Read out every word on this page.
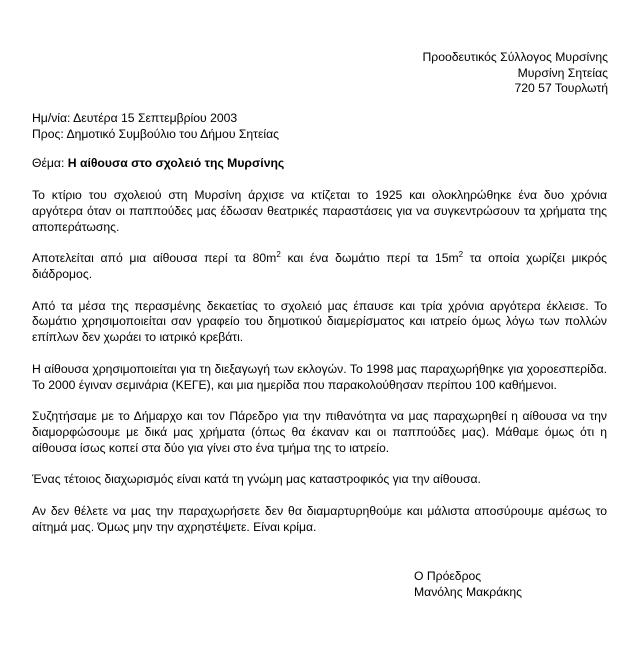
Προοδευτικός Σύλλογος Μυρσίνης
Μυρσίνη Σητείας
720 57 Τουρλωτή
Ημ/νία: Δευτέρα 15 Σεπτεμβρίου 2003
Προς: Δημοτικό Συμβούλιο του Δήμου Σητείας
Θέμα: Η αίθουσα στο σχολειό της Μυρσίνης

Το κτίριο του σχολειού στη Μυρσίνη άρχισε να κτίζεται το 1925 και ολοκληρώθηκε ένα δυο χρόνια αργότερα όταν οι παππούδες μας έδωσαν θεατρικές παραστάσεις για να συγκεντρώσουν τα χρήματα της αποπεράτωσης.

Αποτελείται από μια αίθουσα περί τα $80m^2$ και ένα δωμάτιο περί τα $15m^2$ τα οποία χωρίζει μικρός διάδρομος.

Από τα μέσα της περασμένης δεκαετίας το σχολειό μας έπαυσε και τρία χρόνια αργότερα έκλεισε. Το δωμάτιο χρησιμοποιείται σαν γραφείο του δημοτικού διαμερίσματος και ιατρείο όμως λόγω των πολλών επίπλων δεν χωράει το ιατρικό κρεβάτι.

Η αίθουσα χρησιμοποιείται για τη διεξαγωγή των εκλογών. Το 1998 μας παραχωρήθηκε για χοροεσπερίδα. Το 2000 έγιναν σεμινάρια (ΚΕΓΕ), και μια ημερίδα που παρακολούθησαν περίπου 100 καθήμενοι.

Συζητήσαμε με το Δήμαρχο και τον Πάρεδρο για την πιθανότητα να μας παραχωρηθεί η αίθουσα να την διαμορφώσουμε με δικά μας χρήματα (όπως θα έκαναν και οι παππούδες μας). Μάθαμε όμως ότι η αίθουσα ίσως κοπεί στα δύο για γίνει στο ένα τμήμα της το ιατρείο.

Ένας τέτοιος διαχωρισμός είναι κατά τη γνώμη μας καταστροφικός για την αίθουσα.

Αν δεν θέλετε να μας την παραχωρήσετε δεν θα διαμαρτυρηθούμε και μάλιστα αποσύρουμε αμέσως το αίτημά μας. Όμως μην την αχρηστέψετε. Είναι κρίμα.

Ο Πρόεδρος
Μανόλης Μακράκης
